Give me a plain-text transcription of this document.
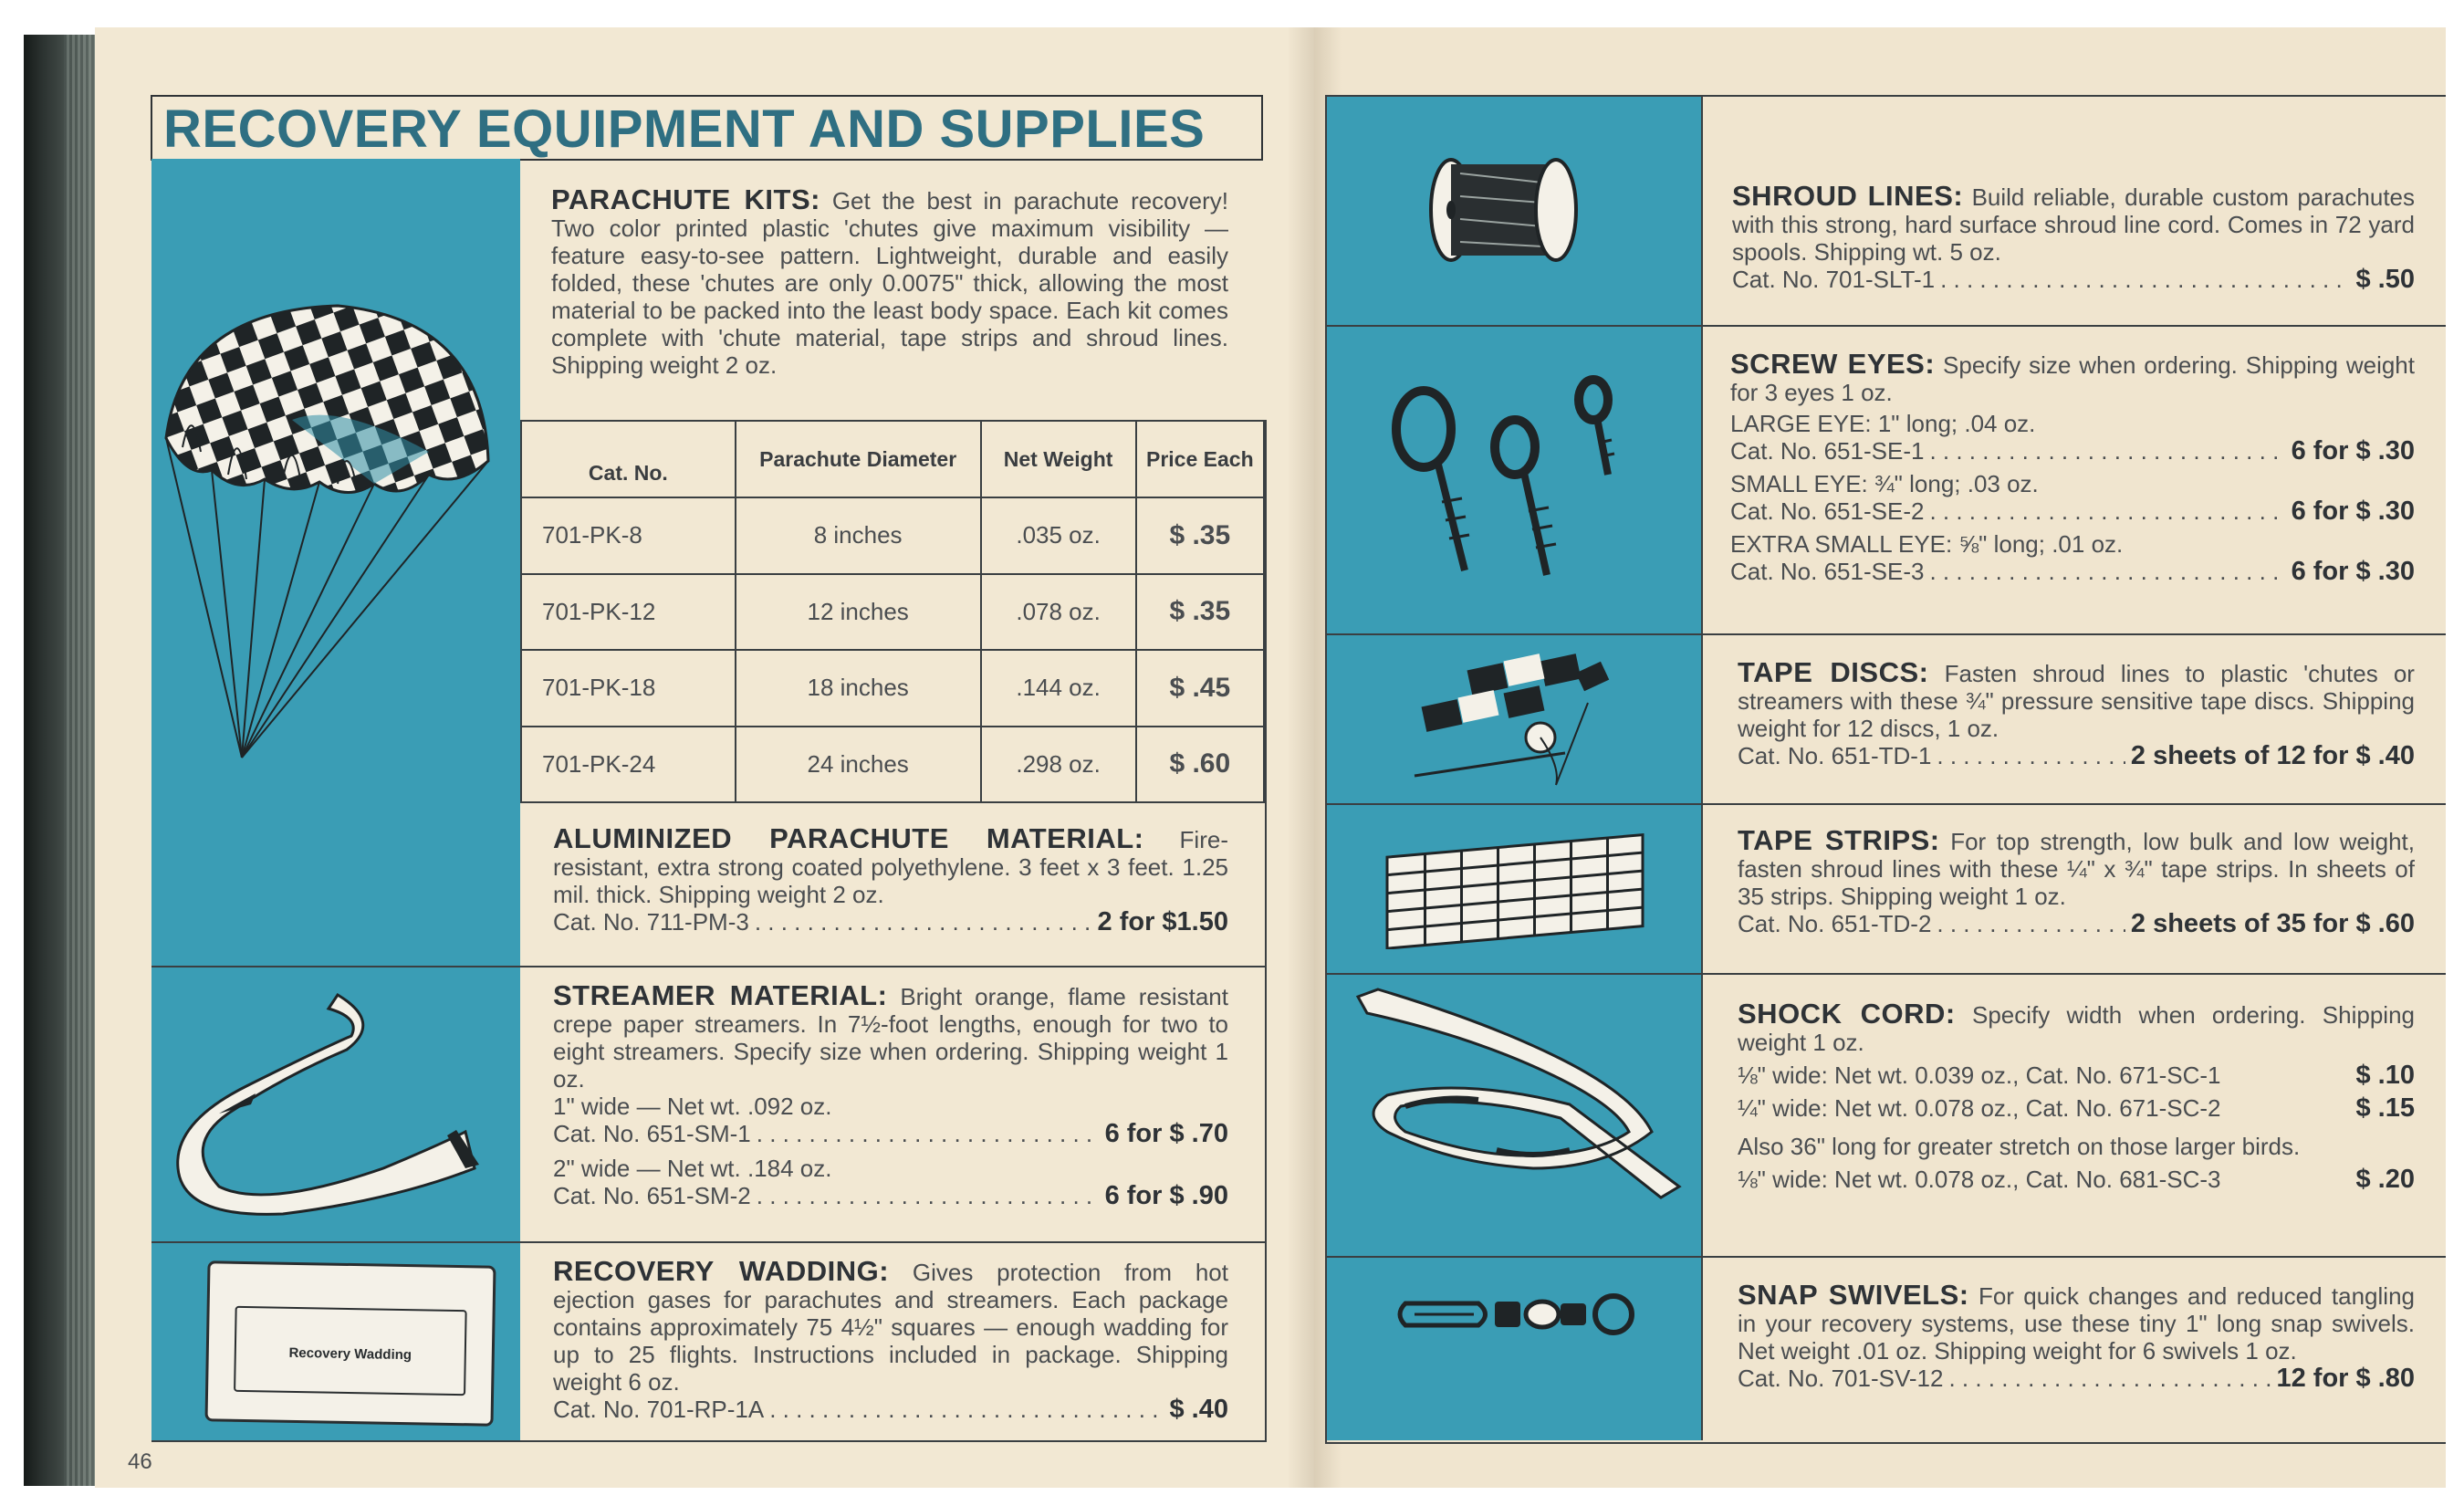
RECOVERY EQUIPMENT AND SUPPLIES
PARACHUTE KITS: Get the best in parachute recovery! Two color printed plastic 'chutes give maximum visibility — feature easy-to-see pattern. Lightweight, durable and easily folded, these 'chutes are only 0.0075" thick, allowing the most material to be packed into the least body space. Each kit comes complete with 'chute material, tape strips and shroud lines. Shipping weight 2 oz.
Cat. No.	Parachute Diameter	Net Weight	Price Each
701-PK-8	8 inches	.035 oz.	$ .35
701-PK-12	12 inches	.078 oz.	$ .35
701-PK-18	18 inches	.144 oz.	$ .45
701-PK-24	24 inches	.298 oz.	$ .60
ALUMINIZED PARACHUTE MATERIAL: Fire-resistant, extra strong coated polyethylene. 3 feet x 3 feet. 1.25 mil. thick. Shipping weight 2 oz.
Cat. No. 711-PM-3 . . .	2 for $1.50
STREAMER MATERIAL: Bright orange, flame resistant crepe paper streamers. In 7½-foot lengths, enough for two to eight streamers. Specify size when ordering. Shipping weight 1 oz.
1" wide — Net wt. .092 oz.
Cat. No. 651-SM-1 . . .	6 for $ .70
2" wide — Net wt. .184 oz.
Cat. No. 651-SM-2 . . .	6 for $ .90
Recovery Wadding
RECOVERY WADDING: Gives protection from hot ejection gases for parachutes and streamers. Each package contains approximately 75 4½" squares — enough wadding for up to 25 flights. Instructions included in package. Shipping weight 6 oz.
Cat. No. 701-RP-1A . . .	$ .40
46
SHROUD LINES: Build reliable, durable custom parachutes with this strong, hard surface shroud line cord. Comes in 72 yard spools. Shipping wt. 5 oz.
Cat. No. 701-SLT-1 . . .	$ .50
SCREW EYES: Specify size when ordering. Shipping weight for 3 eyes 1 oz.
LARGE EYE: 1" long; .04 oz.
Cat. No. 651-SE-1 . . .	6 for $ .30
SMALL EYE: ¾" long; .03 oz.
Cat. No. 651-SE-2 . . .	6 for $ .30
EXTRA SMALL EYE: ⅝" long; .01 oz.
Cat. No. 651-SE-3 . . .	6 for $ .30
TAPE DISCS: Fasten shroud lines to plastic 'chutes or streamers with these ¾" pressure sensitive tape discs. Shipping weight for 12 discs, 1 oz.
Cat. No. 651-TD-1 . . .	2 sheets of 12 for $ .40
TAPE STRIPS: For top strength, low bulk and low weight, fasten shroud lines with these ¼" x ¾" tape strips. In sheets of 35 strips. Shipping weight 1 oz.
Cat. No. 651-TD-2 . . .	2 sheets of 35 for $ .60
SHOCK CORD: Specify width when ordering. Shipping weight 1 oz.
⅛" wide: Net wt. 0.039 oz., Cat. No. 671-SC-1	$ .10
¼" wide: Net wt. 0.078 oz., Cat. No. 671-SC-2	$ .15
Also 36" long for greater stretch on those larger birds.
⅛" wide: Net wt. 0.078 oz., Cat. No. 681-SC-3	$ .20
SNAP SWIVELS: For quick changes and reduced tangling in your recovery systems, use these tiny 1" long snap swivels. Net weight .01 oz. Shipping weight for 6 swivels 1 oz.
Cat. No. 701-SV-12 . . .	12 for $ .80
